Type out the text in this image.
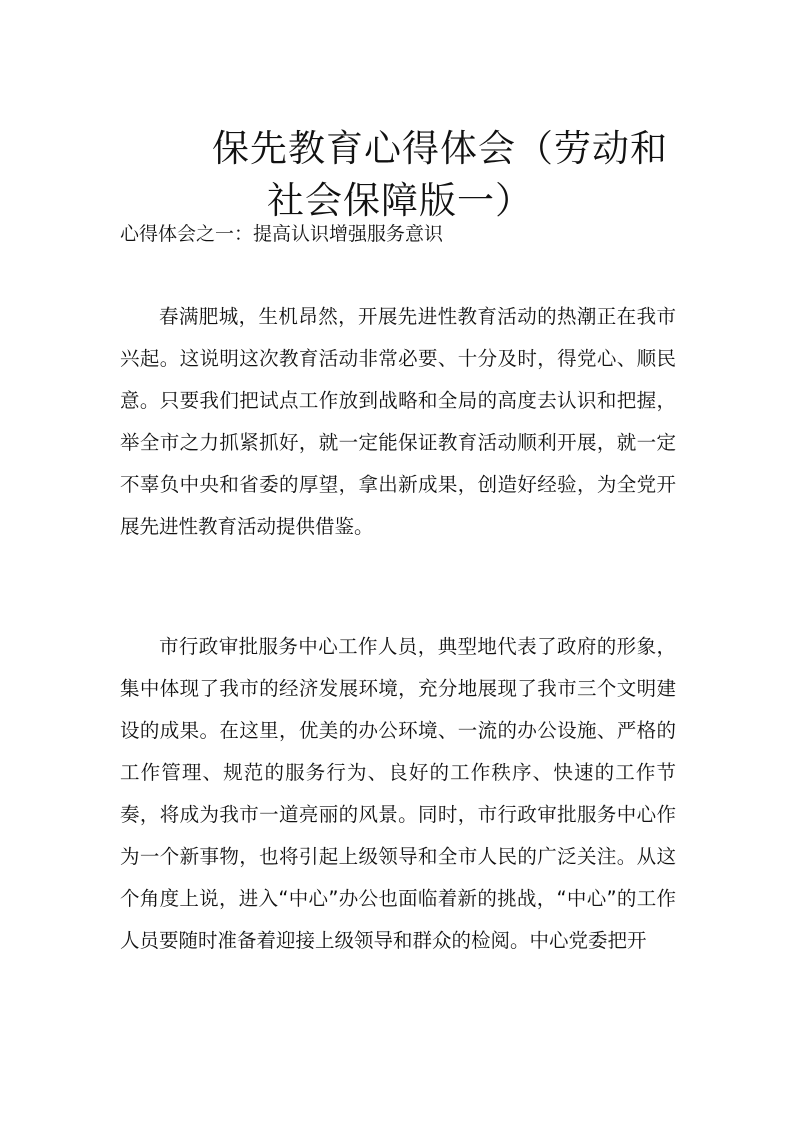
保先教育心得体会（劳动和
社会保障版一）
心得体会之一：提高认识增强服务意识

春满肥城，生机昂然，开展先进性教育活动的热潮正在我市兴起。这说明这次教育活动非常必要、十分及时，得党心、顺民意。只要我们把试点工作放到战略和全局的高度去认识和把握，举全市之力抓紧抓好，就一定能保证教育活动顺利开展，就一定不辜负中央和省委的厚望，拿出新成果，创造好经验，为全党开展先进性教育活动提供借鉴。

市行政审批服务中心工作人员，典型地代表了政府的形象，集中体现了我市的经济发展环境，充分地展现了我市三个文明建设的成果。在这里，优美的办公环境、一流的办公设施、严格的工作管理、规范的服务行为、良好的工作秩序、快速的工作节奏，将成为我市一道亮丽的风景。同时，市行政审批服务中心作为一个新事物，也将引起上级领导和全市人民的广泛关注。从这个角度上说，进入“中心”办公也面临着新的挑战，“中心”的工作人员要随时准备着迎接上级领导和群众的检阅。中心党委把开
